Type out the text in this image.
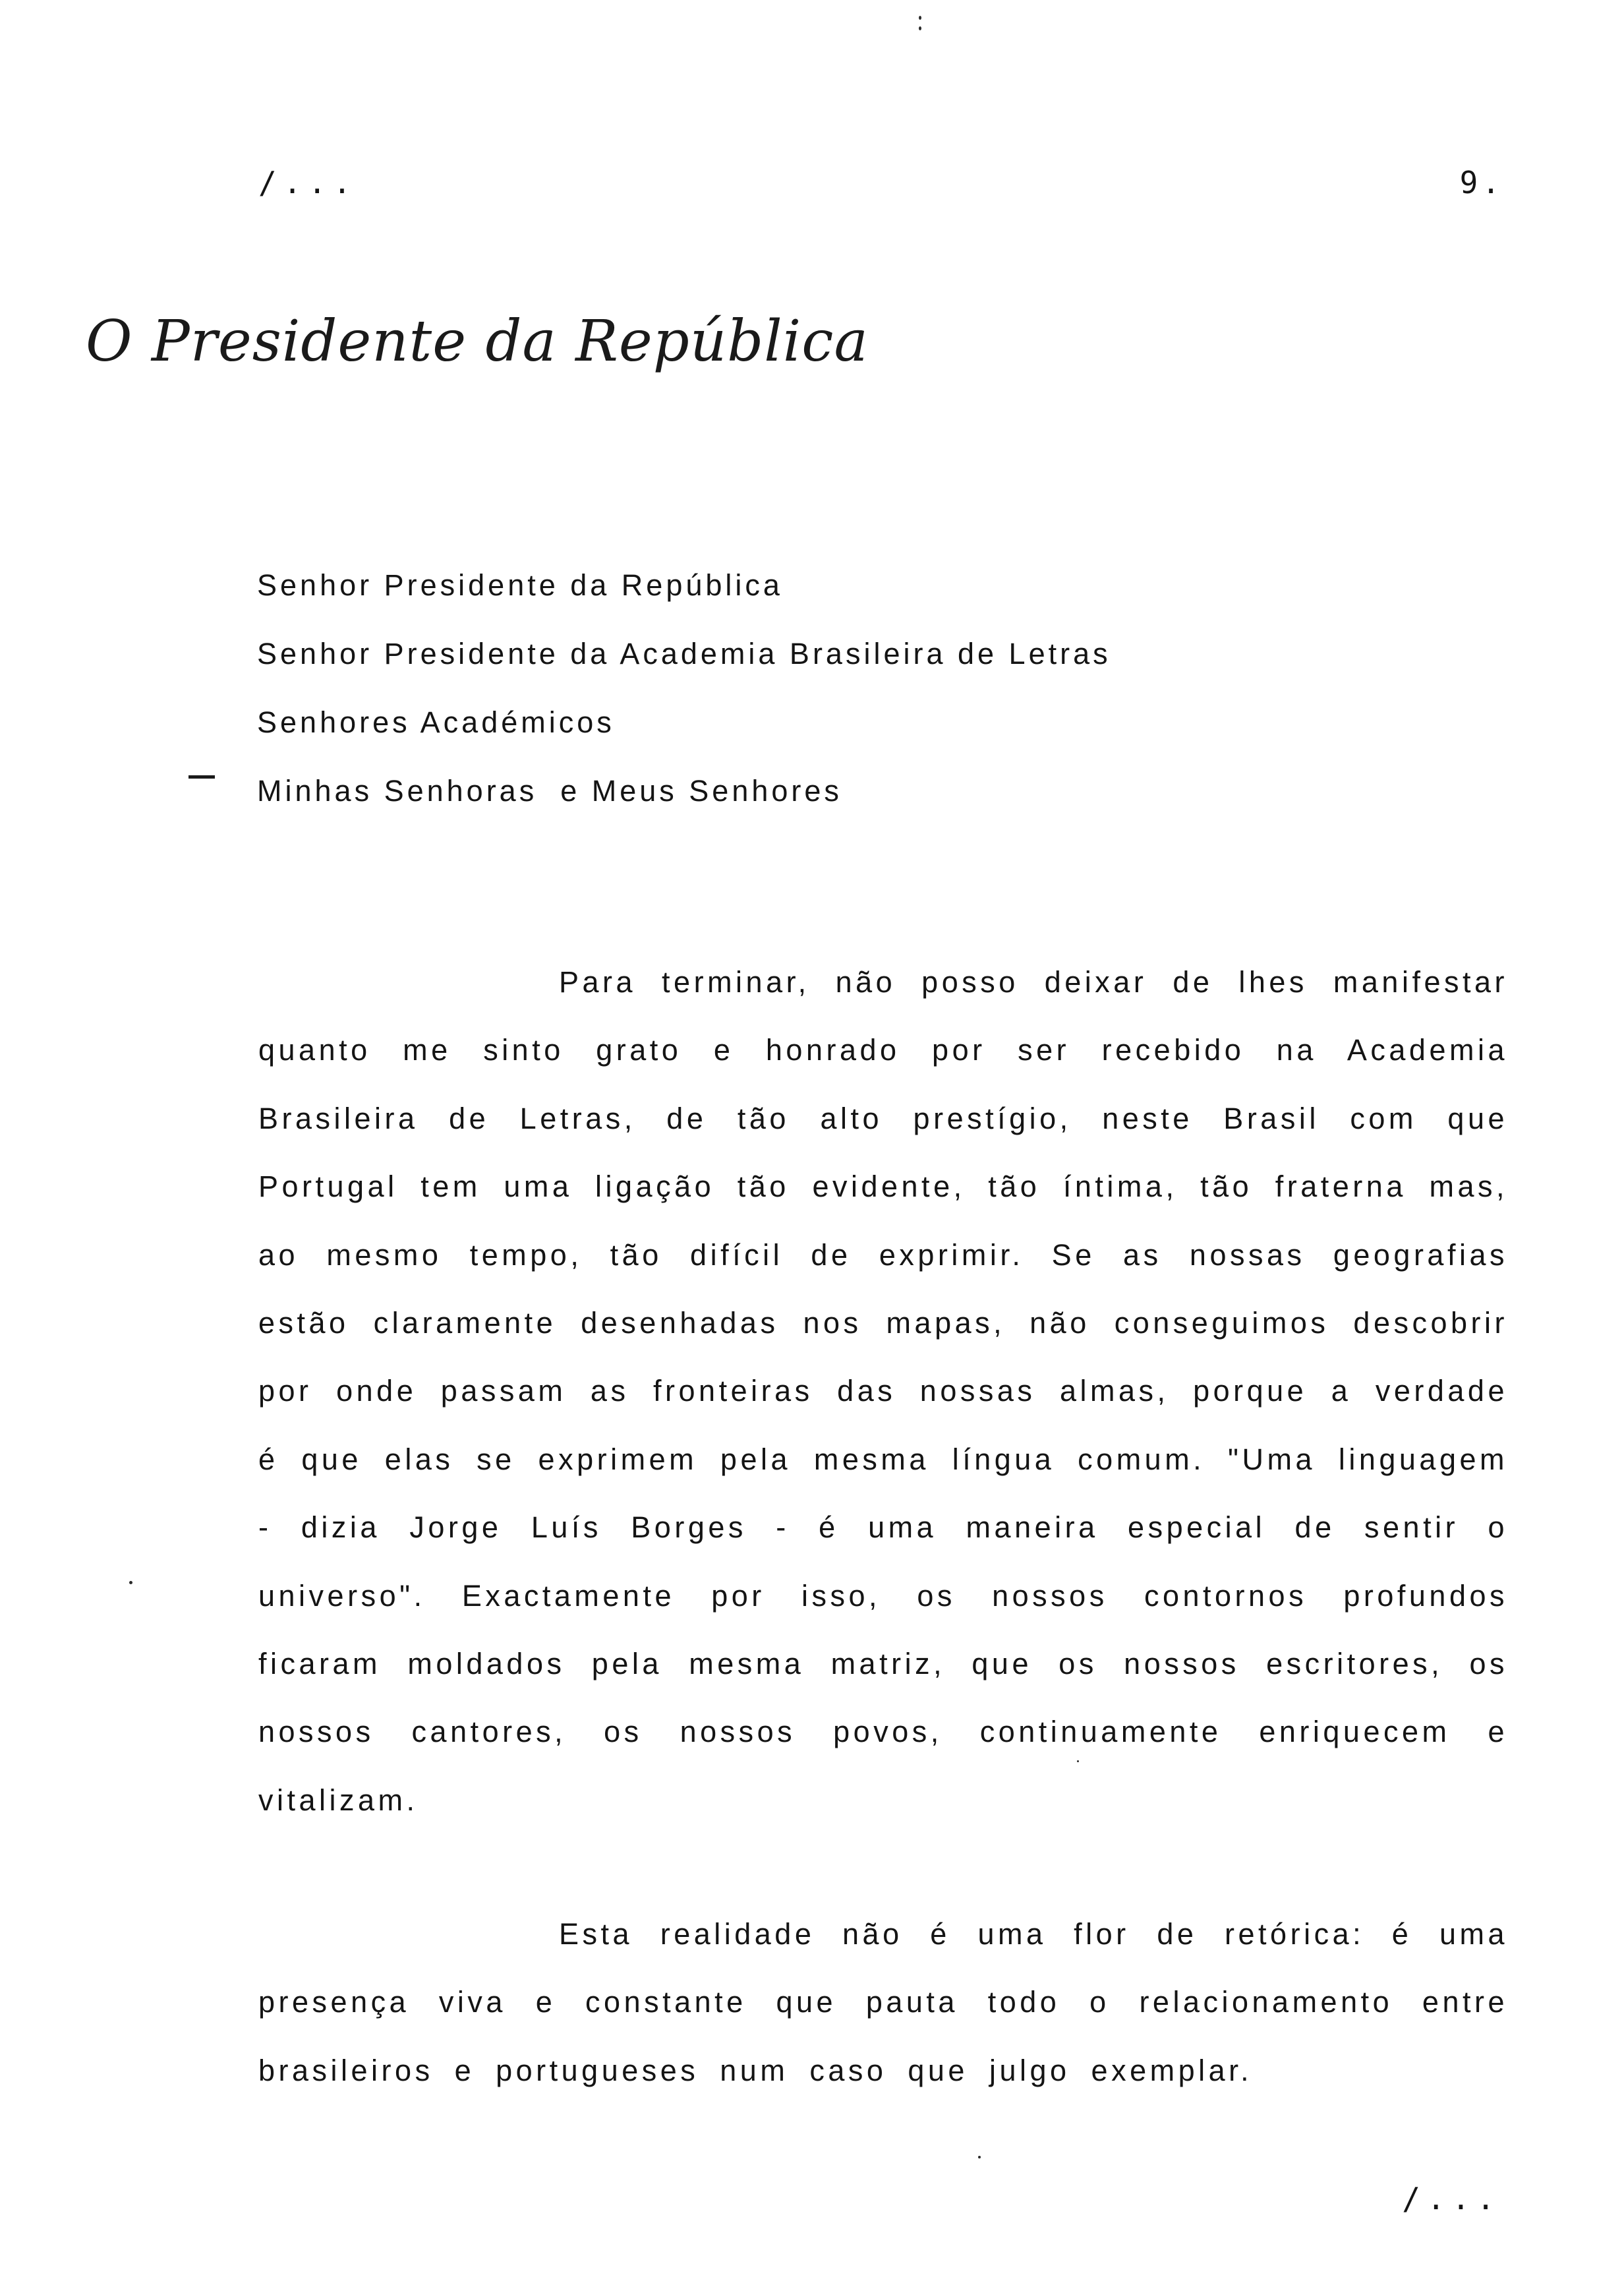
/...	9.
O Presidente da República
Senhor Presidente da República
Senhor Presidente da Academia Brasileira de Letras
Senhores Académicos
Minhas Senhoras  e Meus Senhores

Para terminar, não posso deixar de lhes manifestar quanto me sinto grato e honrado por ser recebido na Academia Brasileira de Letras, de tão alto prestígio, neste Brasil com que Portugal tem uma ligação tão evidente, tão íntima, tão fraterna mas, ao mesmo tempo, tão difícil de exprimir. Se as nossas geografias estão claramente desenhadas nos mapas, não conseguimos descobrir por onde passam as fronteiras das nossas almas, porque a verdade é que elas se exprimem pela mesma língua comum. "Uma linguagem - dizia Jorge Luís Borges - é uma maneira especial de sentir o universo". Exactamente por isso, os nossos contornos profundos ficaram moldados pela mesma matriz, que os nossos escritores, os nossos cantores, os nossos povos, continuamente enriquecem e vitalizam.

Esta realidade não é uma flor de retórica: é uma presença viva e constante que pauta todo o relacionamento entre brasileiros e portugueses num caso que julgo exemplar.

/...
